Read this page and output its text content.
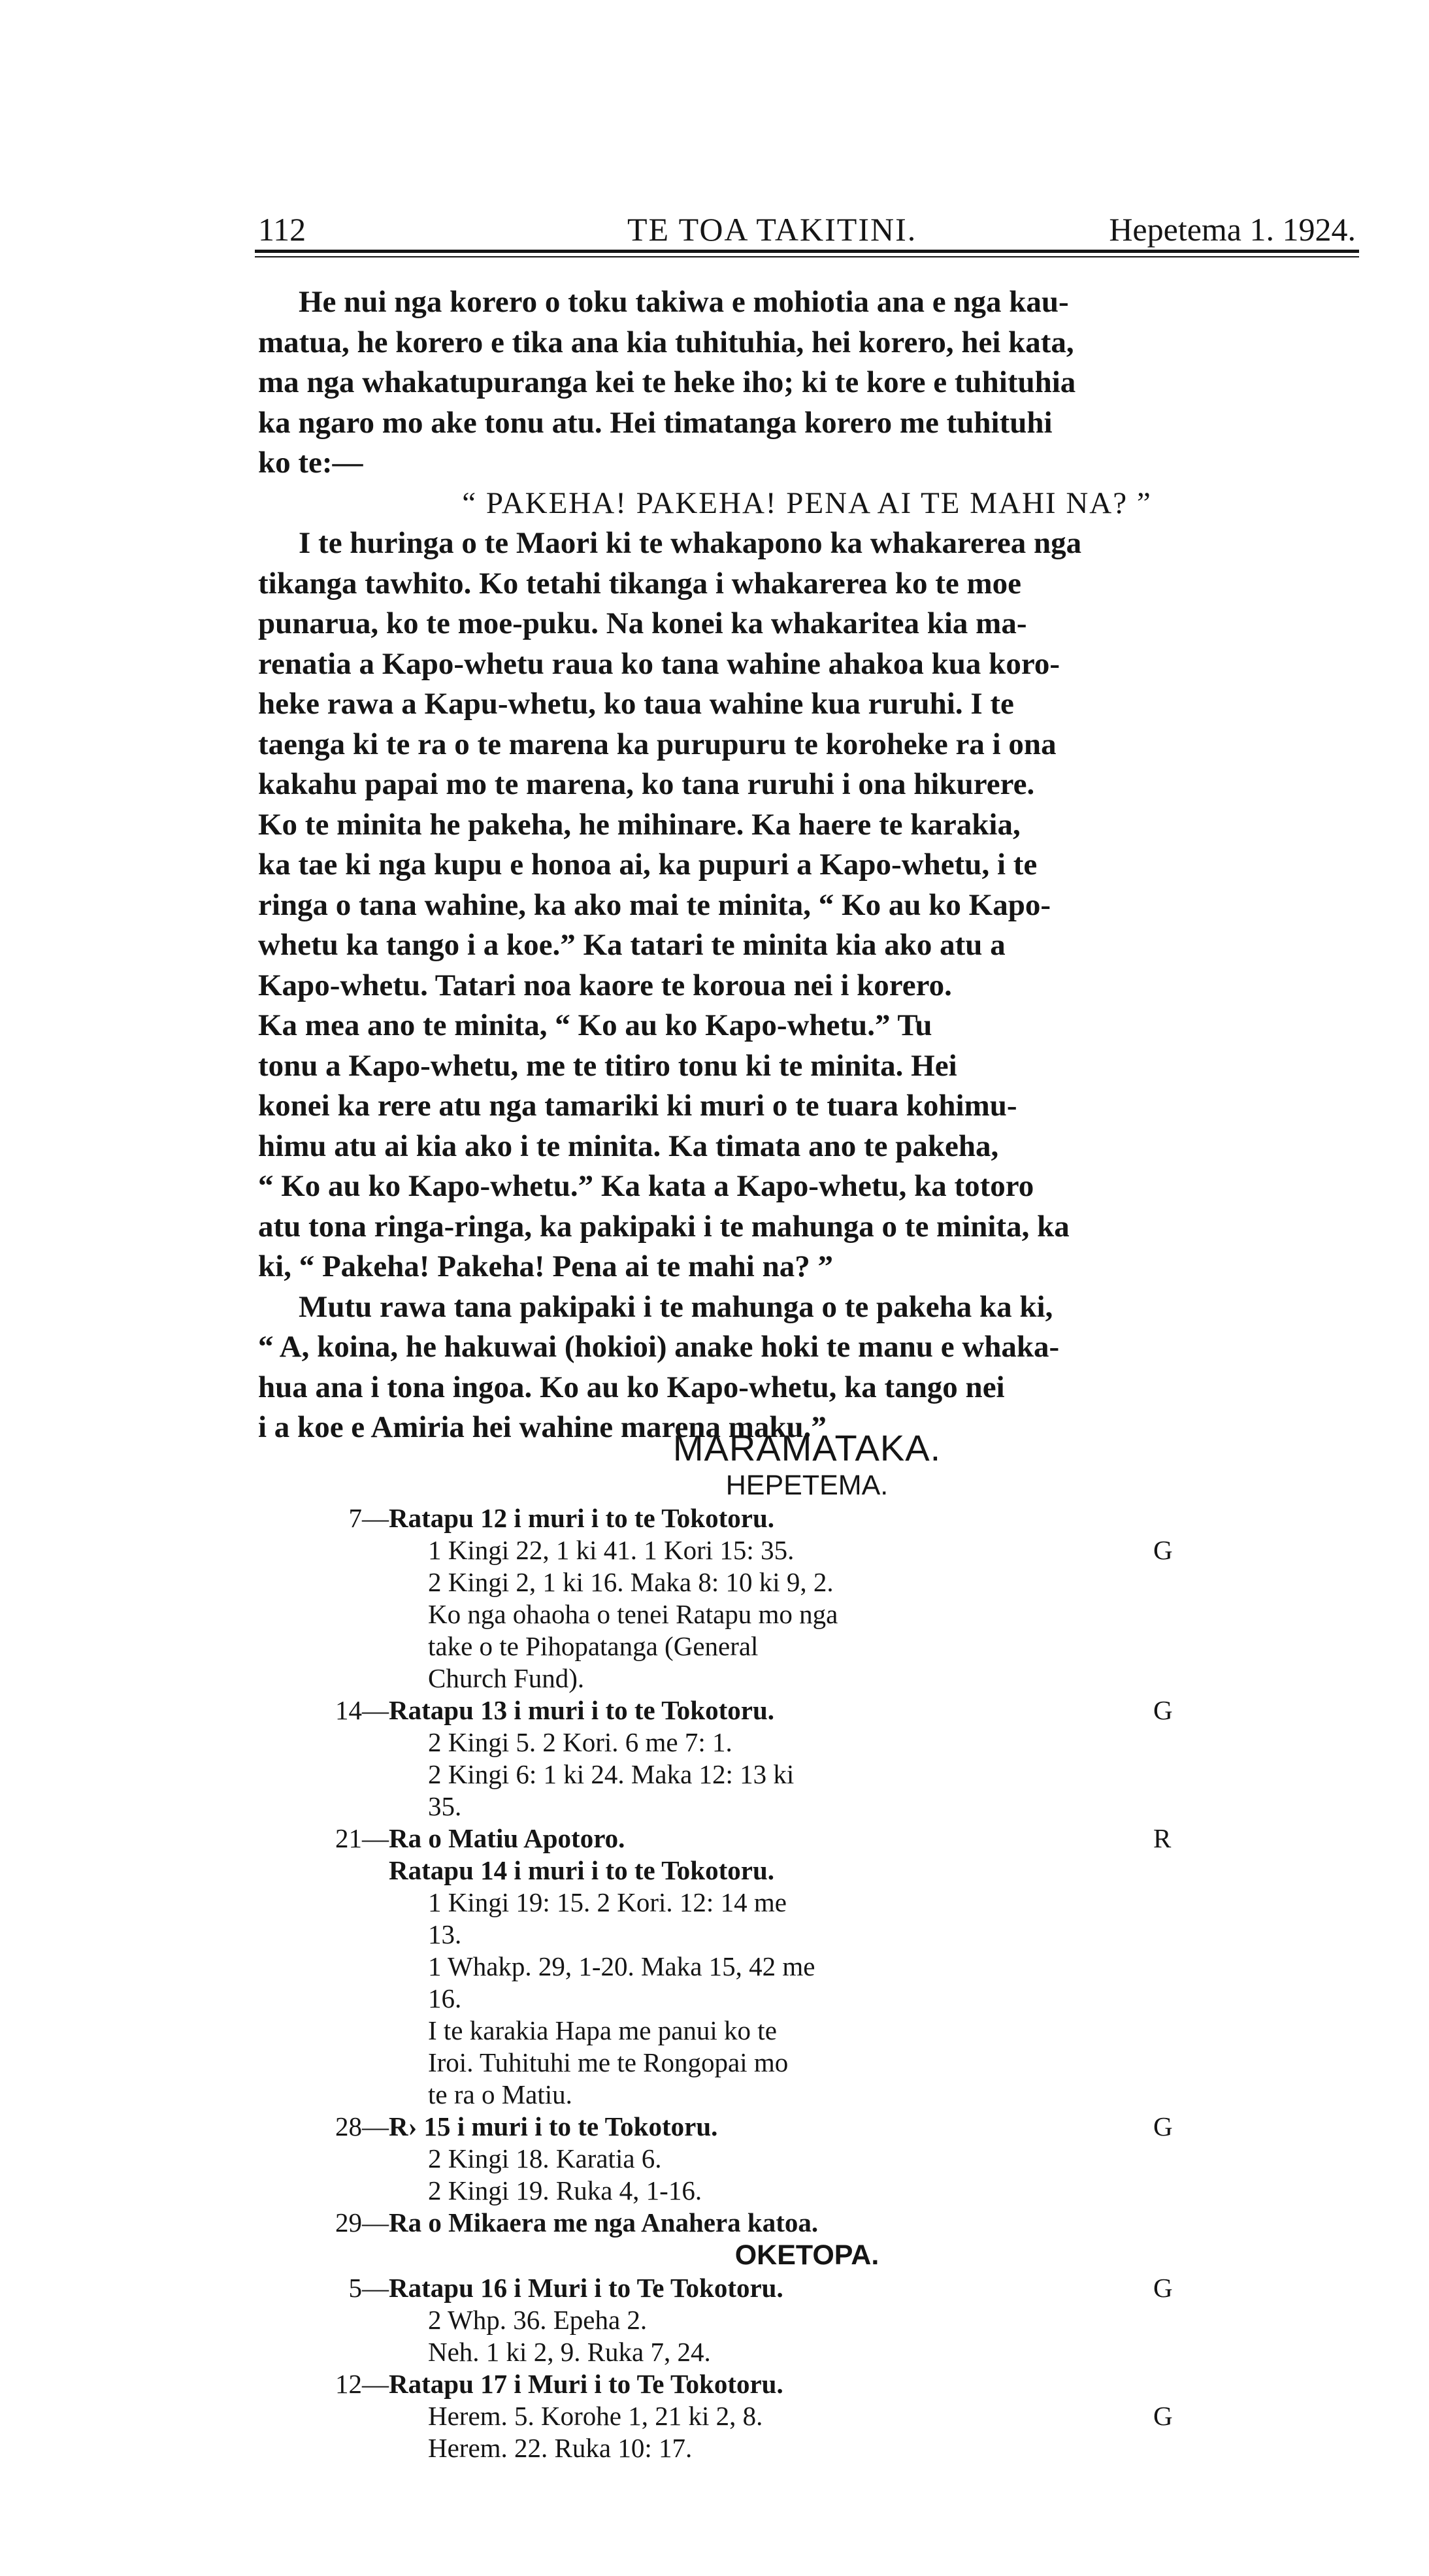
112	TE TOA TAKITINI.	Hepetema 1. 1924.

He nui nga korero o toku takiwa e mohiotia ana e nga kau-

matua, he korero e tika ana kia tuhituhia, hei korero, hei kata,

ma nga whakatupuranga kei te heke iho; ki te kore e tuhituhia

ka ngaro mo ake tonu atu. Hei timatanga korero me tuhituhi

ko te:—

“ PAKEHA! PAKEHA! PENA AI TE MAHI NA? ”

I te huringa o te Maori ki te whakapono ka whakarerea nga

tikanga tawhito. Ko tetahi tikanga i whakarerea ko te moe

punarua, ko te moe-puku. Na konei ka whakaritea kia ma-

renatia a Kapo-whetu raua ko tana wahine ahakoa kua koro-

heke rawa a Kapu-whetu, ko taua wahine kua ruruhi. I te

taenga ki te ra o te marena ka purupuru te koroheke ra i ona

kakahu papai mo te marena, ko tana ruruhi i ona hikurere.

Ko te minita he pakeha, he mihinare. Ka haere te karakia,

ka tae ki nga kupu e honoa ai, ka pupuri a Kapo-whetu, i te

ringa o tana wahine, ka ako mai te minita, “ Ko au ko Kapo-

whetu ka tango i a koe.” Ka tatari te minita kia ako atu a

Kapo-whetu. Tatari noa kaore te koroua nei i korero.

Ka mea ano te minita, “ Ko au ko Kapo-whetu.” Tu

tonu a Kapo-whetu, me te titiro tonu ki te minita. Hei

konei ka rere atu nga tamariki ki muri o te tuara kohimu-

himu atu ai kia ako i te minita. Ka timata ano te pakeha,

“ Ko au ko Kapo-whetu.” Ka kata a Kapo-whetu, ka totoro

atu tona ringa-ringa, ka pakipaki i te mahunga o te minita, ka

ki, “ Pakeha! Pakeha! Pena ai te mahi na? ”

Mutu rawa tana pakipaki i te mahunga o te pakeha ka ki,

“ A, koina, he hakuwai (hokioi) anake hoki te manu e whaka-

hua ana i tona ingoa. Ko au ko Kapo-whetu, ka tango nei

i a koe e Amiria hei wahine marena maku.”

MARAMATAKA.
HEPETEMA.
7— Ratapu 12 i muri i to te Tokotoru.
1 Kingi 22, 1 ki 41. 1 Kori 15: 35.	G
2 Kingi 2, 1 ki 16. Maka 8: 10 ki 9, 2.
Ko nga ohaoha o tenei Ratapu mo nga
take o te Pihopatanga (General
Church Fund).
14— Ratapu 13 i muri i to te Tokotoru.	G
2 Kingi 5. 2 Kori. 6 me 7: 1.
2 Kingi 6: 1 ki 24. Maka 12: 13 ki
35.
21— Ra o Matiu Apotoro.	R
Ratapu 14 i muri i to te Tokotoru.
1 Kingi 19: 15. 2 Kori. 12: 14 me
13.
1 Whakp. 29, 1-20. Maka 15, 42 me
16.
I te karakia Hapa me panui ko te
Iroi. Tuhituhi me te Rongopai mo
te ra o Matiu.
28— R› 15 i muri i to te Tokotoru.	G
2 Kingi 18. Karatia 6.
2 Kingi 19. Ruka 4, 1-16.
29— Ra o Mikaera me nga Anahera katoa.
OKETOPA.
5— Ratapu 16 i Muri i to Te Tokotoru.	G
2 Whp. 36. Epeha 2.
Neh. 1 ki 2, 9. Ruka 7, 24.
12— Ratapu 17 i Muri i to Te Tokotoru.
Herem. 5. Korohe 1, 21 ki 2, 8.	G
Herem. 22. Ruka 10: 17.
